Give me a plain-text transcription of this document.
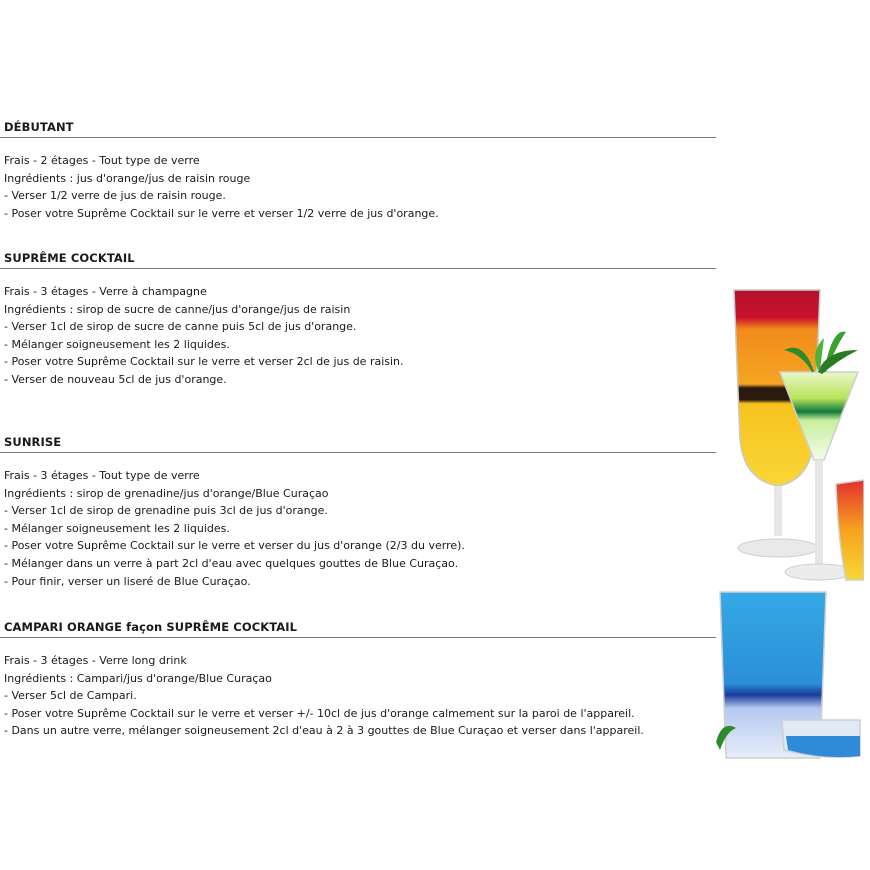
DÉBUTANT
Frais - 2 étages - Tout type de verre
Ingrédients : jus d'orange/jus de raisin rouge
- Verser 1/2 verre de jus de raisin rouge.
- Poser votre Suprême Cocktail sur le verre et verser 1/2 verre de jus d'orange.
SUPRÊME COCKTAIL
Frais - 3 étages - Verre à champagne
Ingrédients : sirop de sucre de canne/jus d'orange/jus de raisin
- Verser 1cl de sirop de sucre de canne puis 5cl de jus d'orange.
- Mélanger soigneusement les 2 liquides.
- Poser votre Suprême Cocktail sur le verre et verser 2cl de jus de raisin.
- Verser de nouveau 5cl de jus d'orange.
SUNRISE
Frais - 3 étages - Tout type de verre
Ingrédients : sirop de grenadine/jus d'orange/Blue Curaçao
- Verser 1cl de sirop de grenadine puis 3cl de jus d'orange.
- Mélanger soigneusement les 2 liquides.
- Poser votre Suprême Cocktail sur le verre et verser du jus d'orange (2/3 du verre).
- Mélanger dans un verre à part 2cl d'eau avec quelques gouttes de Blue Curaçao.
- Pour finir, verser un liseré de Blue Curaçao.
CAMPARI ORANGE façon SUPRÊME COCKTAIL
Frais - 3 étages - Verre long drink
Ingrédients : Campari/jus d'orange/Blue Curaçao
- Verser 5cl de Campari.
- Poser votre Suprême Cocktail sur le verre et verser +/- 10cl de jus d'orange calmement sur la paroi de l'appareil.
- Dans un autre verre, mélanger soigneusement 2cl d'eau à 2 à 3 gouttes de Blue Curaçao et verser dans l'appareil.
